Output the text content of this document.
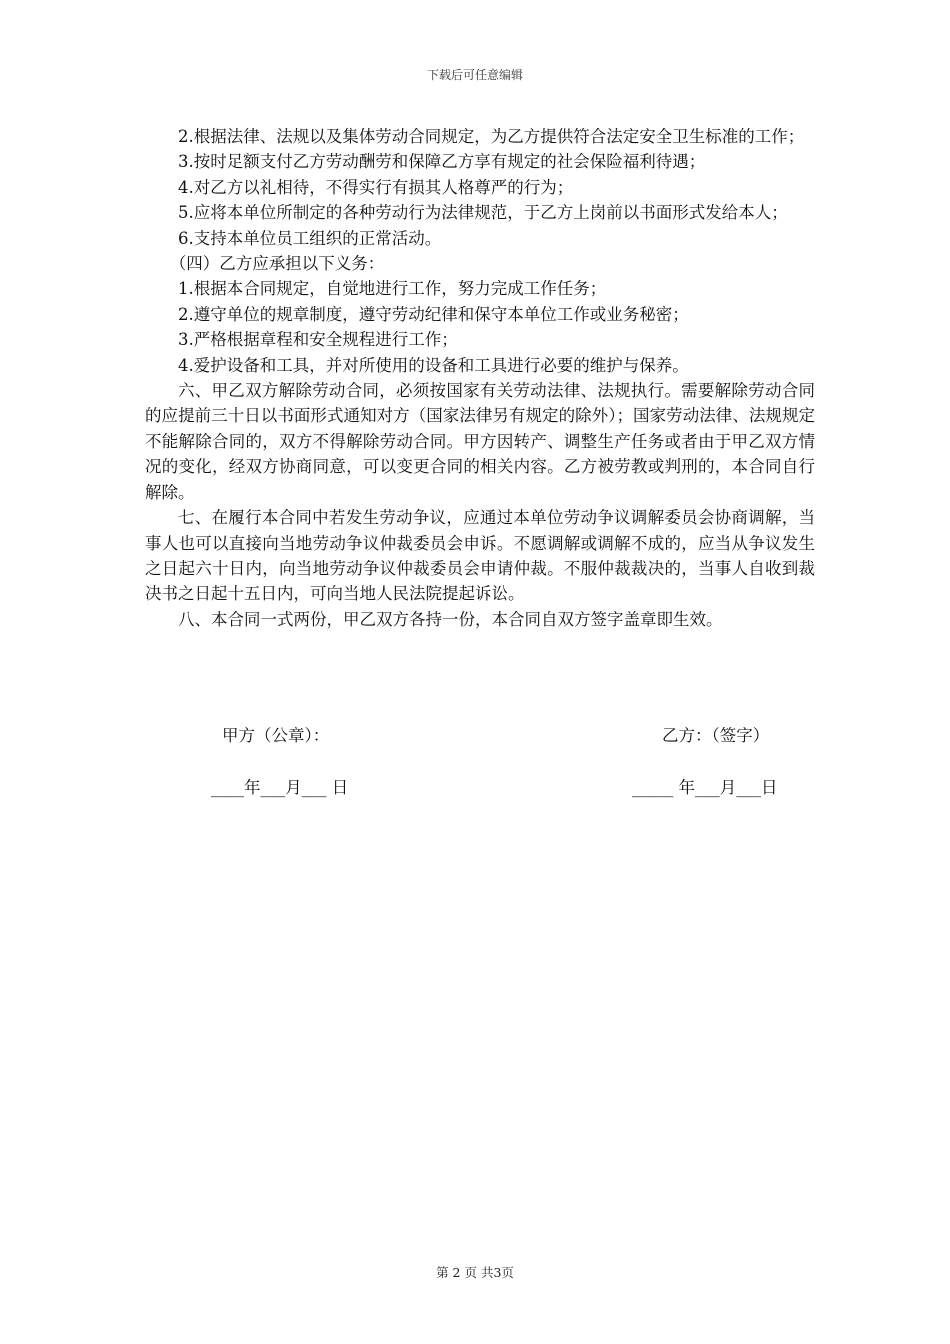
下载后可任意编辑

2.根据法律、法规以及集体劳动合同规定，为乙方提供符合法定安全卫生标准的工作；

3.按时足额支付乙方劳动酬劳和保障乙方享有规定的社会保险福利待遇；

4.对乙方以礼相待，不得实行有损其人格尊严的行为；

5.应将本单位所制定的各种劳动行为法律规范，于乙方上岗前以书面形式发给本人；

6.支持本单位员工组织的正常活动。

（四）乙方应承担以下义务：

1.根据本合同规定，自觉地进行工作，努力完成工作任务；

2.遵守单位的规章制度，遵守劳动纪律和保守本单位工作或业务秘密；

3.严格根据章程和安全规程进行工作；

4.爱护设备和工具，并对所使用的设备和工具进行必要的维护与保养。

六、甲乙双方解除劳动合同，必须按国家有关劳动法律、法规执行。需要解除劳动合同的应提前三十日以书面形式通知对方（国家法律另有规定的除外）；国家劳动法律、法规规定不能解除合同的，双方不得解除劳动合同。甲方因转产、调整生产任务或者由于甲乙双方情况的变化，经双方协商同意，可以变更合同的相关内容。乙方被劳教或判刑的，本合同自行解除。

七、在履行本合同中若发生劳动争议，应通过本单位劳动争议调解委员会协商调解，当事人也可以直接向当地劳动争议仲裁委员会申诉。不愿调解或调解不成的，应当从争议发生之日起六十日内，向当地劳动争议仲裁委员会申请仲裁。不服仲裁裁决的，当事人自收到裁决书之日起十五日内，可向当地人民法院提起诉讼。

八、本合同一式两份，甲乙双方各持一份，本合同自双方签字盖章即生效。

甲方（公章）：	乙方：（签字）
____年___月___ 日	_____ 年___月___日
第 2 页 共3页
